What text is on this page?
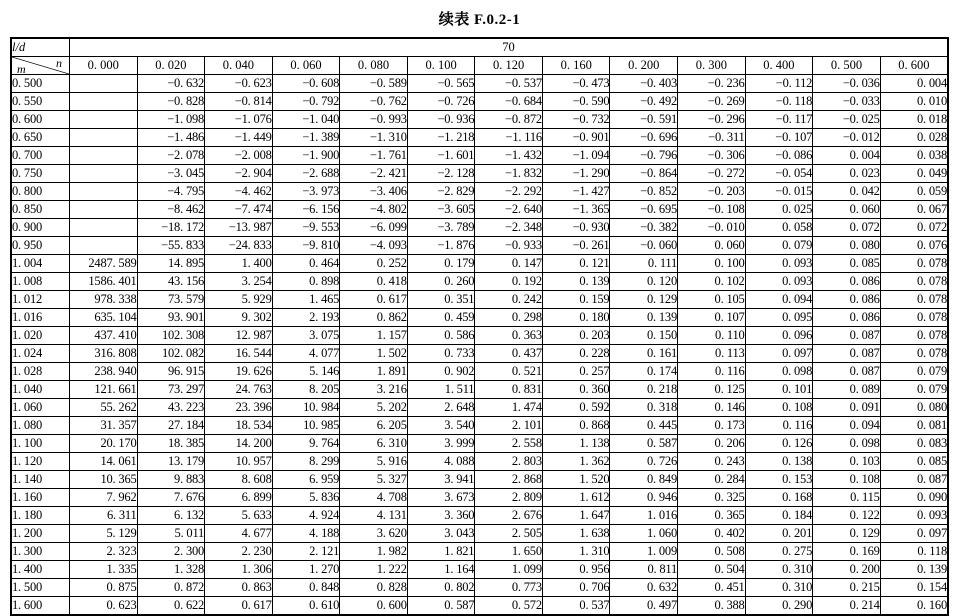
续表 F.0.2-1
l/d	70												

n
m	0. 000	0. 020	0. 040	0. 060	0. 080	0. 100	0. 120	0. 160	0. 200	0. 300	0. 400	0. 500	0. 600
0. 500		−0. 632	−0. 623	−0. 608	−0. 589	−0. 565	−0. 537	−0. 473	−0. 403	−0. 236	−0. 112	−0. 036	0. 004
0. 550		−0. 828	−0. 814	−0. 792	−0. 762	−0. 726	−0. 684	−0. 590	−0. 492	−0. 269	−0. 118	−0. 033	0. 010
0. 600		−1. 098	−1. 076	−1. 040	−0. 993	−0. 936	−0. 872	−0. 732	−0. 591	−0. 296	−0. 117	−0. 025	0. 018
0. 650		−1. 486	−1. 449	−1. 389	−1. 310	−1. 218	−1. 116	−0. 901	−0. 696	−0. 311	−0. 107	−0. 012	0. 028
0. 700		−2. 078	−2. 008	−1. 900	−1. 761	−1. 601	−1. 432	−1. 094	−0. 796	−0. 306	−0. 086	0. 004	0. 038
0. 750		−3. 045	−2. 904	−2. 688	−2. 421	−2. 128	−1. 832	−1. 290	−0. 864	−0. 272	−0. 054	0. 023	0. 049
0. 800		−4. 795	−4. 462	−3. 973	−3. 406	−2. 829	−2. 292	−1. 427	−0. 852	−0. 203	−0. 015	0. 042	0. 059
0. 850		−8. 462	−7. 474	−6. 156	−4. 802	−3. 605	−2. 640	−1. 365	−0. 695	−0. 108	0. 025	0. 060	0. 067
0. 900		−18. 172	−13. 987	−9. 553	−6. 099	−3. 789	−2. 348	−0. 930	−0. 382	−0. 010	0. 058	0. 072	0. 072
0. 950		−55. 833	−24. 833	−9. 810	−4. 093	−1. 876	−0. 933	−0. 261	−0. 060	0. 060	0. 079	0. 080	0. 076
1. 004	2487. 589	14. 895	1. 400	0. 464	0. 252	0. 179	0. 147	0. 121	0. 111	0. 100	0. 093	0. 085	0. 078
1. 008	1586. 401	43. 156	3. 254	0. 898	0. 418	0. 260	0. 192	0. 139	0. 120	0. 102	0. 093	0. 086	0. 078
1. 012	978. 338	73. 579	5. 929	1. 465	0. 617	0. 351	0. 242	0. 159	0. 129	0. 105	0. 094	0. 086	0. 078
1. 016	635. 104	93. 901	9. 302	2. 193	0. 862	0. 459	0. 298	0. 180	0. 139	0. 107	0. 095	0. 086	0. 078
1. 020	437. 410	102. 308	12. 987	3. 075	1. 157	0. 586	0. 363	0. 203	0. 150	0. 110	0. 096	0. 087	0. 078
1. 024	316. 808	102. 082	16. 544	4. 077	1. 502	0. 733	0. 437	0. 228	0. 161	0. 113	0. 097	0. 087	0. 078
1. 028	238. 940	96. 915	19. 626	5. 146	1. 891	0. 902	0. 521	0. 257	0. 174	0. 116	0. 098	0. 087	0. 079
1. 040	121. 661	73. 297	24. 763	8. 205	3. 216	1. 511	0. 831	0. 360	0. 218	0. 125	0. 101	0. 089	0. 079
1. 060	55. 262	43. 223	23. 396	10. 984	5. 202	2. 648	1. 474	0. 592	0. 318	0. 146	0. 108	0. 091	0. 080
1. 080	31. 357	27. 184	18. 534	10. 985	6. 205	3. 540	2. 101	0. 868	0. 445	0. 173	0. 116	0. 094	0. 081
1. 100	20. 170	18. 385	14. 200	9. 764	6. 310	3. 999	2. 558	1. 138	0. 587	0. 206	0. 126	0. 098	0. 083
1. 120	14. 061	13. 179	10. 957	8. 299	5. 916	4. 088	2. 803	1. 362	0. 726	0. 243	0. 138	0. 103	0. 085
1. 140	10. 365	9. 883	8. 608	6. 959	5. 327	3. 941	2. 868	1. 520	0. 849	0. 284	0. 153	0. 108	0. 087
1. 160	7. 962	7. 676	6. 899	5. 836	4. 708	3. 673	2. 809	1. 612	0. 946	0. 325	0. 168	0. 115	0. 090
1. 180	6. 311	6. 132	5. 633	4. 924	4. 131	3. 360	2. 676	1. 647	1. 016	0. 365	0. 184	0. 122	0. 093
1. 200	5. 129	5. 011	4. 677	4. 188	3. 620	3. 043	2. 505	1. 638	1. 060	0. 402	0. 201	0. 129	0. 097
1. 300	2. 323	2. 300	2. 230	2. 121	1. 982	1. 821	1. 650	1. 310	1. 009	0. 508	0. 275	0. 169	0. 118
1. 400	1. 335	1. 328	1. 306	1. 270	1. 222	1. 164	1. 099	0. 956	0. 811	0. 504	0. 310	0. 200	0. 139
1. 500	0. 875	0. 872	0. 863	0. 848	0. 828	0. 802	0. 773	0. 706	0. 632	0. 451	0. 310	0. 215	0. 154
1. 600	0. 623	0. 622	0. 617	0. 610	0. 600	0. 587	0. 572	0. 537	0. 497	0. 388	0. 290	0. 214	0. 160
